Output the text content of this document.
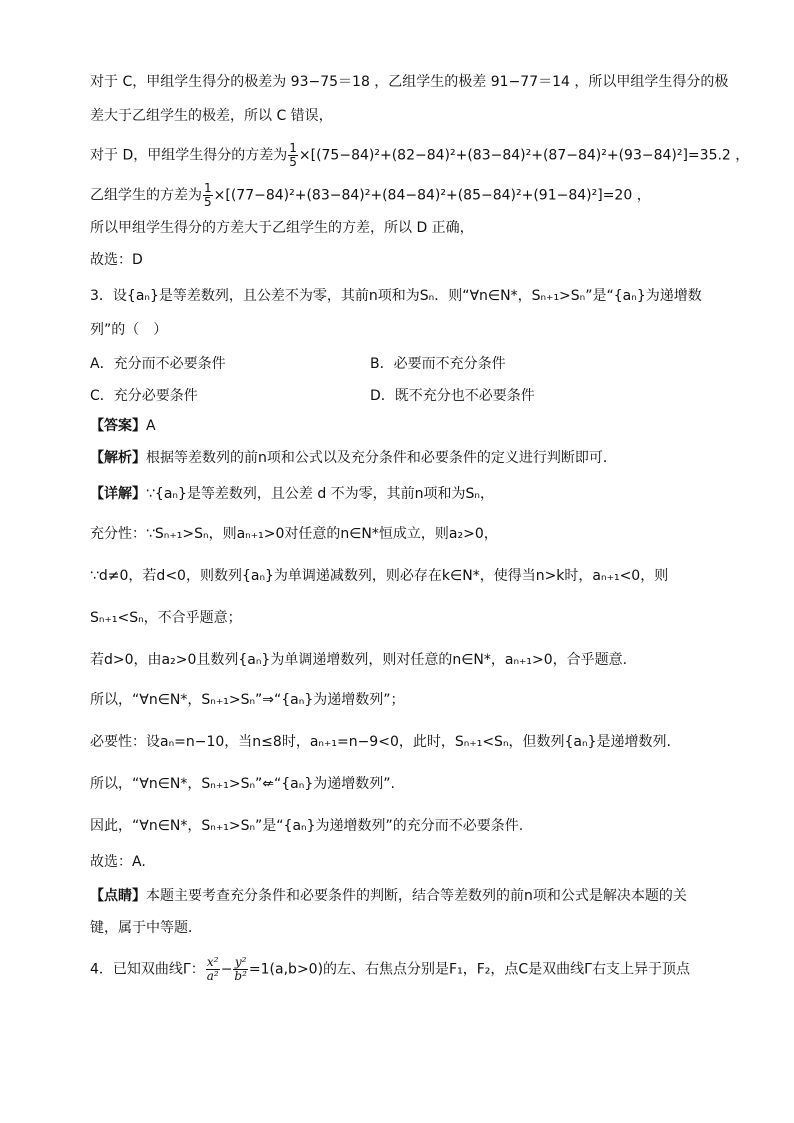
对于 C，甲组学生得分的极差为 93−75＝18 ，乙组学生的极差 91−77＝14 ，所以甲组学生得分的极
差大于乙组学生的极差，所以 C 错误，
对于 D，甲组学生得分的方差为 $\frac{1}{5} \times[(75-84)^2+(82-84)^2+(83-84)^2+(87-84)^2+(93-84)^2]=35.2$ ，
乙组学生的方差为 $\frac{1}{5} \times[(77-84)^2+(83-84)^2+(84-84)^2+(85-84)^2+(91-84)^2]=20$ ，
所以甲组学生得分的方差大于乙组学生的方差，所以 D 正确，
故选：D
3．设{aₙ}是等差数列，且公差不为零，其前n项和为Sₙ．则“∀n∈N*，Sₙ₊₁>Sₙ”是“{aₙ}为递增数
列”的（　）
A．充分而不必要条件
C．充分必要条件
【答案】A
【解析】根据等差数列的前n项和公式以及充分条件和必要条件的定义进行判断即可．
【详解】∵{aₙ}是等差数列，且公差 d 不为零，其前n项和为Sₙ，
充分性：∵Sₙ₊₁>Sₙ，则aₙ₊₁>0对任意的n∈N*恒成立，则a₂>0，
∵d≠0，若d<0，则数列{aₙ}为单调递减数列，则必存在k∈N*，使得当n>k时，aₙ₊₁<0，则
Sₙ₊₁<Sₙ，不合乎题意；
若d>0，由a₂>0且数列{aₙ}为单调递增数列，则对任意的n∈N*，aₙ₊₁>0，合乎题意.
所以，“∀n∈N*，Sₙ₊₁>Sₙ”⇒“{aₙ}为递增数列”；
必要性：设aₙ=n−10，当n≤8时，aₙ₊₁=n−9<0，此时，Sₙ₊₁<Sₙ，但数列{aₙ}是递增数列.
所以，“∀n∈N*，Sₙ₊₁>Sₙ”⇍“{aₙ}为递增数列”.
因此，“∀n∈N*，Sₙ₊₁>Sₙ”是“{aₙ}为递增数列”的充分而不必要条件.
故选：A.
【点睛】本题主要考查充分条件和必要条件的判断，结合等差数列的前n项和公式是解决本题的关
键，属于中等题．
4．已知双曲线Γ： $\frac{\text{x²}}{\text{a²}} - \frac{\text{y²}}{\text{b²}} =1(a,b>0)$的左、右焦点分别是F₁，F₂，点C是双曲线Γ右支上异于顶点
B．必要而不充分条件
D．既不充分也不必要条件
